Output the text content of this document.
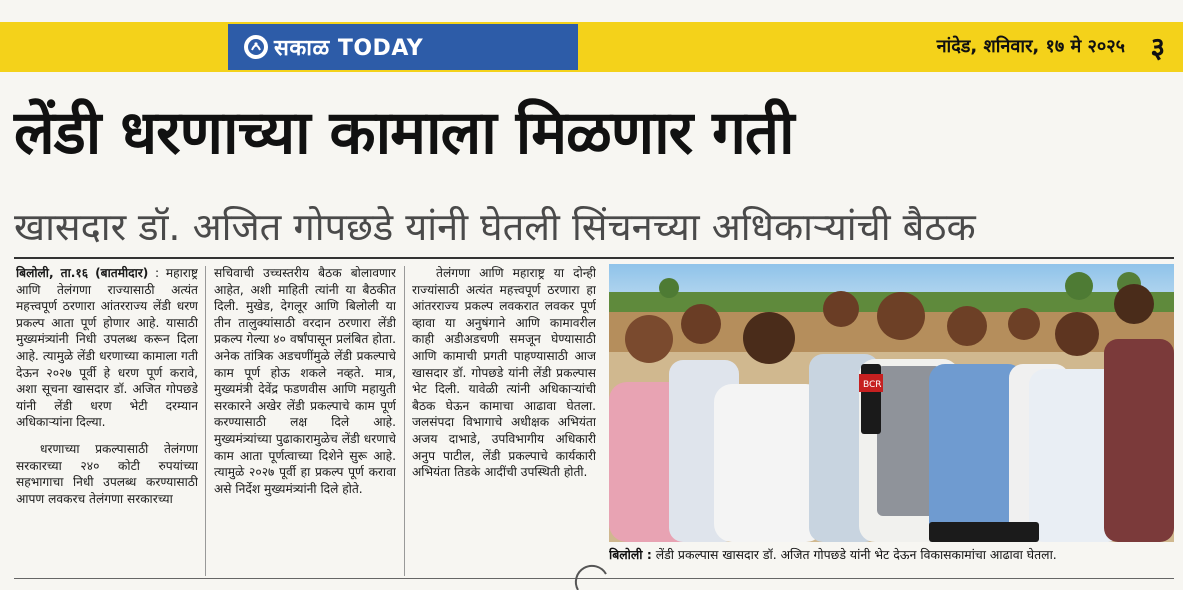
सकाळ TODAY	नांदेड, शनिवार, १७ मे २०२५ ३
लेंडी धरणाच्या कामाला मिळणार गती
खासदार डॉ. अजित गोपछडे यांनी घेतली सिंचनच्या अधिकाऱ्यांची बैठक

बिलोली, ता.१६ (बातमीदार) : महाराष्ट्र आणि तेलंगणा राज्यासाठी अत्यंत महत्त्वपूर्ण ठरणारा आंतरराज्य लेंडी धरण प्रकल्प आता पूर्ण होणार आहे. यासाठी मुख्यमंत्र्यांनी निधी उपलब्ध करून दिला आहे. त्यामुळे लेंडी धरणाच्या कामाला गती देऊन २०२७ पूर्वी हे धरण पूर्ण करावे, अशा सूचना खासदार डॉ. अजित गोपछडे यांनी लेंडी धरण भेटी दरम्यान अधिकाऱ्यांना दिल्या.

धरणाच्या प्रकल्पासाठी तेलंगणा सरकारच्या २४० कोटी रुपयांच्या सहभागाचा निधी उपलब्ध करण्यासाठी आपण लवकरच तेलंगणा सरकारच्या

सचिवाची उच्चस्तरीय बैठक बोलावणार आहेत, अशी माहिती त्यांनी या बैठकीत दिली. मुखेड, देगलूर आणि बिलोली या तीन तालुक्यांसाठी वरदान ठरणारा लेंडी प्रकल्प गेल्या ४० वर्षांपासून प्रलंबित होता. अनेक तांत्रिक अडचणींमुळे लेंडी प्रकल्पाचे काम पूर्ण होऊ शकले नव्हते. मात्र, मुख्यमंत्री देवेंद्र फडणवीस आणि महायुती सरकारने अखेर लेंडी प्रकल्पाचे काम पूर्ण करण्यासाठी लक्ष दिले आहे. मुख्यमंत्र्यांच्या पुढाकारामुळेच लेंडी धरणाचे काम आता पूर्णत्वाच्या दिशेने सुरू आहे. त्यामुळे २०२७ पूर्वी हा प्रकल्प पूर्ण करावा असे निर्देश मुख्यमंत्र्यांनी दिले होते.

तेलंगणा आणि महाराष्ट्र या दोन्ही राज्यांसाठी अत्यंत महत्त्वपूर्ण ठरणारा हा आंतरराज्य प्रकल्प लवकरात लवकर पूर्ण व्हावा या अनुषंगाने आणि कामावरील काही अडीअडचणी समजून घेण्यासाठी आणि कामाची प्रगती पाहण्यासाठी आज खासदार डॉ. गोपछडे यांनी लेंडी प्रकल्पास भेट दिली. यावेळी त्यांनी अधिकाऱ्यांची बैठक घेऊन कामाचा आढावा घेतला. जलसंपदा विभागाचे अधीक्षक अभियंता अजय दाभाडे, उपविभागीय अधिकारी अनुप पाटील, लेंडी प्रकल्पाचे कार्यकारी अभियंता तिडके आदींची उपस्थिती होती.

BCR
बिलोली : लेंडी प्रकल्पास खासदार डॉ. अजित गोपछडे यांनी भेट देऊन विकासकामांचा आढावा घेतला.
